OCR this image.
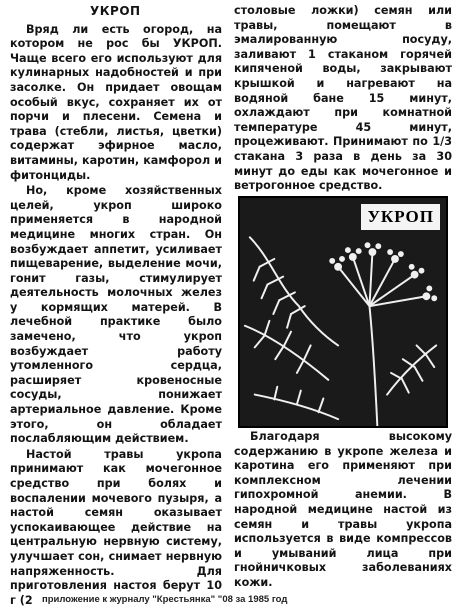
УКРОП

Вряд ли есть огород, на котором не рос бы УКРОП. Чаще всего его используют для кулинарных надобностей и при засолке. Он придает овощам особый вкус, сохраняет их от порчи и плесени. Семена и трава (стебли, листья, цветки) содержат эфирное масло, витамины, каротин, камфорол и фитонциды.

Но, кроме хозяйственных целей, укроп широко применяется в народной медицине многих стран. Он возбуждает аппетит, усиливает пищеварение, выделение мочи, гонит газы, стимулирует деятельность молочных желез у кормящих матерей. В лечебной практике было замечено, что укроп возбуждает работу утомленного сердца, расширяет кровеносные сосуды, понижает артериальное давление. Кроме этого, он обладает послабляющим действием.

Настой травы укропа принимают как мочегонное средство при болях и воспалении мочевого пузыря, а настой семян оказывает успокаивающее действие на центральную нервную систему, улучшает сон, снимает нервную напряженность. Для приготовления настоя берут 10 г (2

столовые ложки) семян или травы, помещают в эмалированную посуду, заливают 1 стаканом горячей кипяченой воды, закрывают крышкой и нагревают на водяной бане 15 минут, охлаждают при комнатной температуре 45 минут, процеживают. Принимают по 1/3 стакана 3 раза в день за 30 минут до еды как мочегонное и ветрогонное средство.

УКРОП

Благодаря высокому содержанию в укропе железа и каротина его применяют при комплексном лечении гипохромной анемии. В народной медицине настой из семян и травы укропа используется в виде компрессов и умываний лица при гнойничковых заболеваниях кожи.

приложение к журналу "Крестьянка" "08 за 1985 год
